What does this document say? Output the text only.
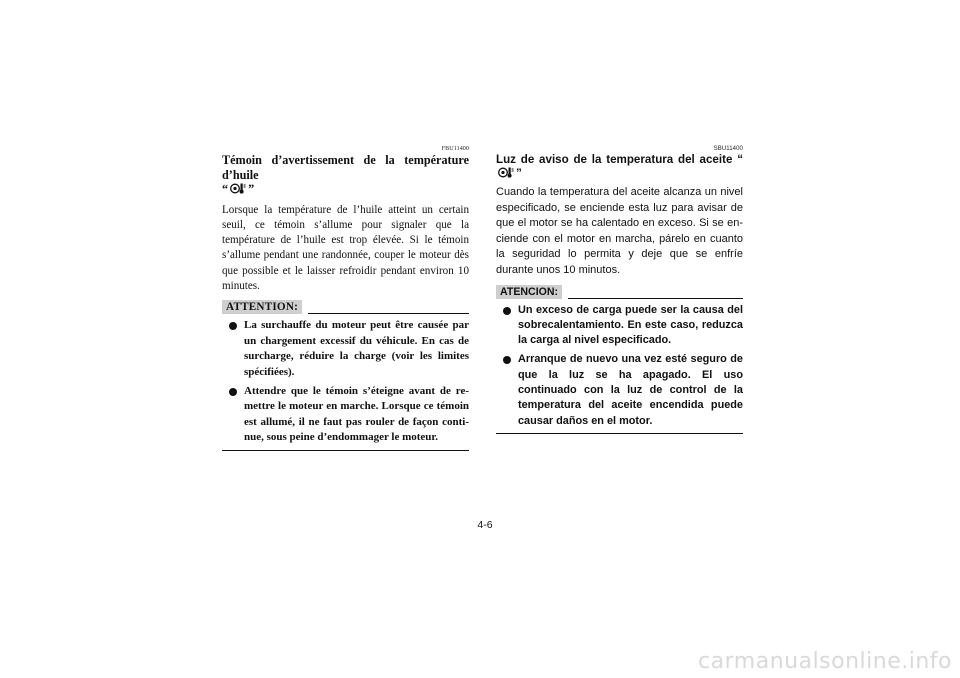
FBU11400

Témoin d’avertissement de la température d’huile
“ ”

Lorsque la température de l’huile atteint un certain seuil, ce témoin s’allume pour signaler que la température de l’huile est trop élevée. Si le témoin s’allume pendant une randonnée, couper le moteur dès que possible et le laisser refroidir pendant environ 10 minutes.

ATTENTION:
La surchauffe du moteur peut être causée par un chargement excessif du véhicule. En cas de surcharge, réduire la charge (voir les limites spécifiées).
Attendre que le témoin s’éteigne avant de re-mettre le moteur en marche. Lorsque ce témoin est allumé, il ne faut pas rouler de façon conti-nue, sous peine d’endommager le moteur.
SBU11400

Luz de aviso de la temperatura del aceite “”

Cuando la temperatura del aceite alcanza un nivel especificado, se enciende esta luz para avisar de que el motor se ha calentado en exceso. Si se en-ciende con el motor en marcha, párelo en cuanto la seguridad lo permita y deje que se enfríe durante unos 10 minutos.

ATENCION:
Un exceso de carga puede ser la causa del sobrecalentamiento. En este caso, reduzca la carga al nivel especificado.
Arranque de nuevo una vez esté seguro de que la luz se ha apagado. El uso continuado con la luz de control de la temperatura del aceite encendida puede causar daños en el motor.
4-6
carmanualsonline.info
